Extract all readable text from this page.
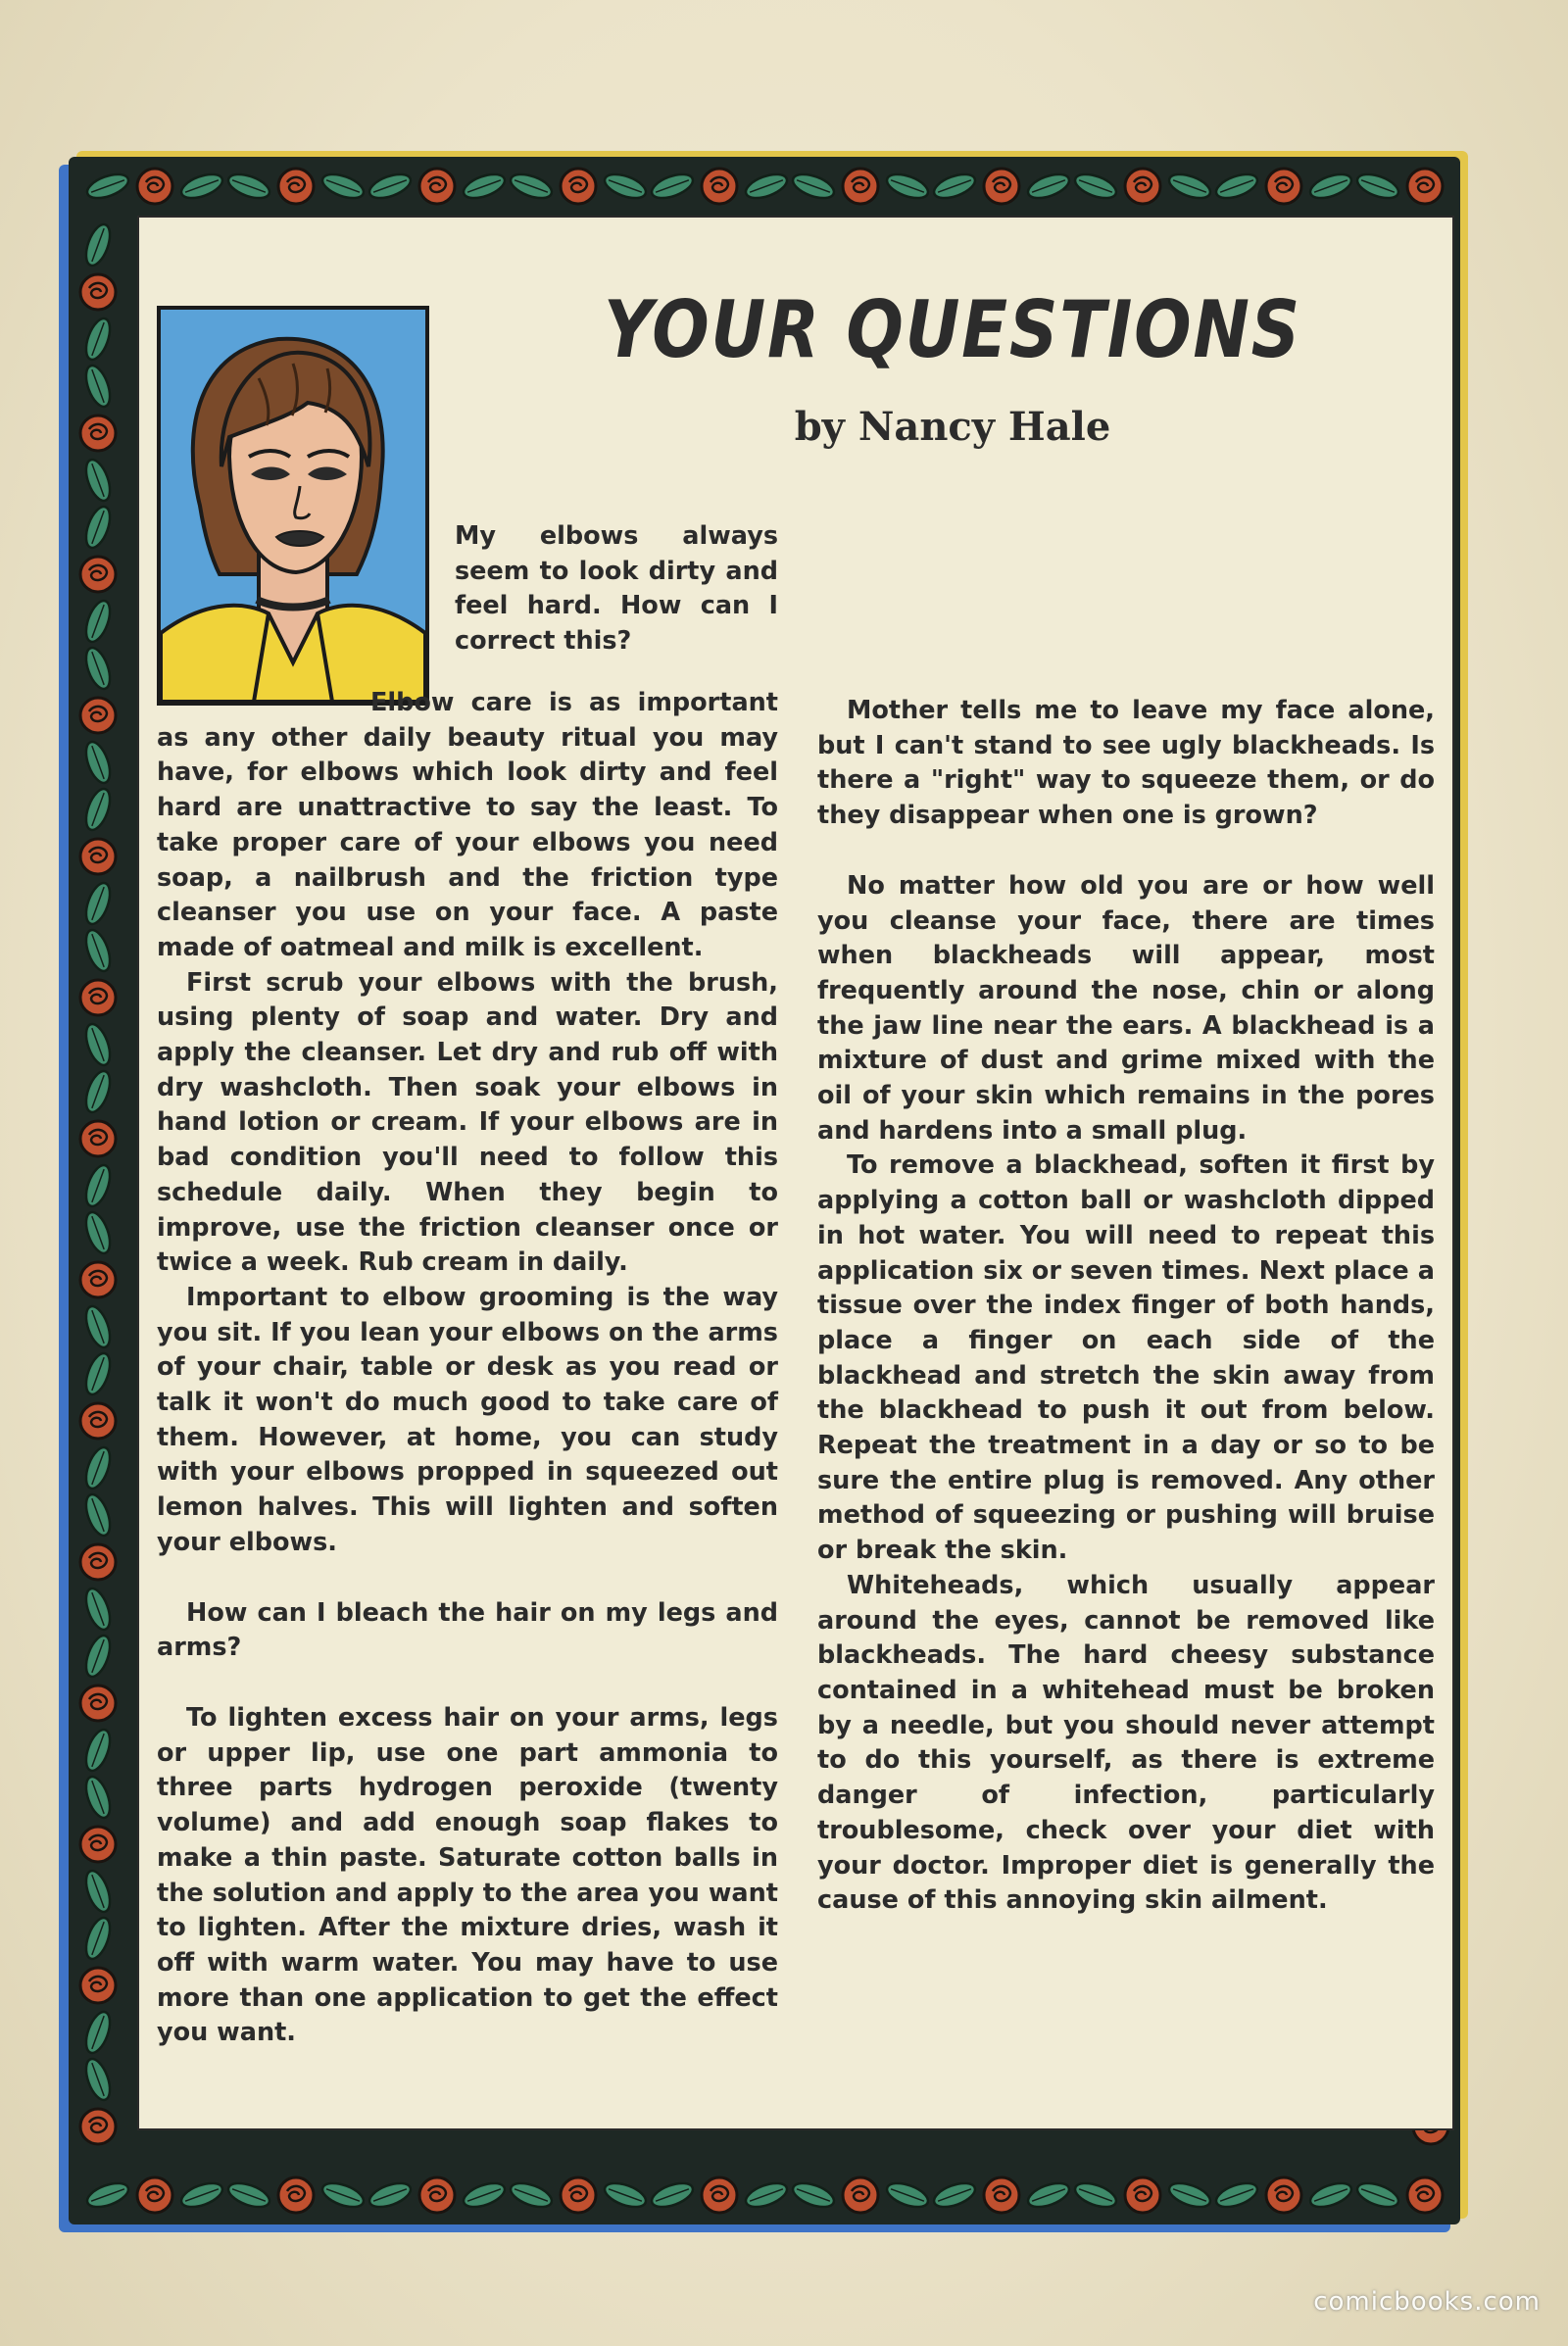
YOUR QUESTIONS
by Nancy Hale

My elbows always seem to look dirty and feel hard. How can I correct this?

Elbow care is as important as any other daily beauty ritual you may have, for elbows which look dirty and feel hard are unattractive to say the least. To take proper care of your elbows you need soap, a nailbrush and the friction type cleanser you use on your face. A paste made of oatmeal and milk is excellent.

First scrub your elbows with the brush, using plenty of soap and water. Dry and apply the cleanser. Let dry and rub off with dry washcloth. Then soak your elbows in hand lotion or cream. If your elbows are in bad condition you'll need to follow this schedule daily. When they begin to improve, use the friction cleanser once or twice a week. Rub cream in daily.

Important to elbow grooming is the way you sit. If you lean your elbows on the arms of your chair, table or desk as you read or talk it won't do much good to take care of them. However, at home, you can study with your elbows propped in squeezed out lemon halves. This will lighten and soften your elbows.

How can I bleach the hair on my legs and arms?

To lighten excess hair on your arms, legs or upper lip, use one part ammonia to three parts hydrogen peroxide (twenty volume) and add enough soap flakes to make a thin paste. Saturate cotton balls in the solution and apply to the area you want to lighten. After the mixture dries, wash it off with warm water. You may have to use more than one application to get the effect you want.

Mother tells me to leave my face alone, but I can't stand to see ugly blackheads. Is there a "right" way to squeeze them, or do they disappear when one is grown?

No matter how old you are or how well you cleanse your face, there are times when blackheads will appear, most frequently around the nose, chin or along the jaw line near the ears. A blackhead is a mixture of dust and grime mixed with the oil of your skin which remains in the pores and hardens into a small plug.

To remove a blackhead, soften it first by applying a cotton ball or washcloth dipped in hot water. You will need to repeat this application six or seven times. Next place a tissue over the index finger of both hands, place a finger on each side of the blackhead and stretch the skin away from the blackhead to push it out from below. Repeat the treatment in a day or so to be sure the entire plug is removed. Any other method of squeezing or pushing will bruise or break the skin.

Whiteheads, which usually appear around the eyes, cannot be removed like blackheads. The hard cheesy substance contained in a whitehead must be broken by a needle, but you should never attempt to do this yourself, as there is extreme danger of infection, particularly troublesome, check over your diet with your doctor. Improper diet is generally the cause of this annoying skin ailment.

comicbooks.com
